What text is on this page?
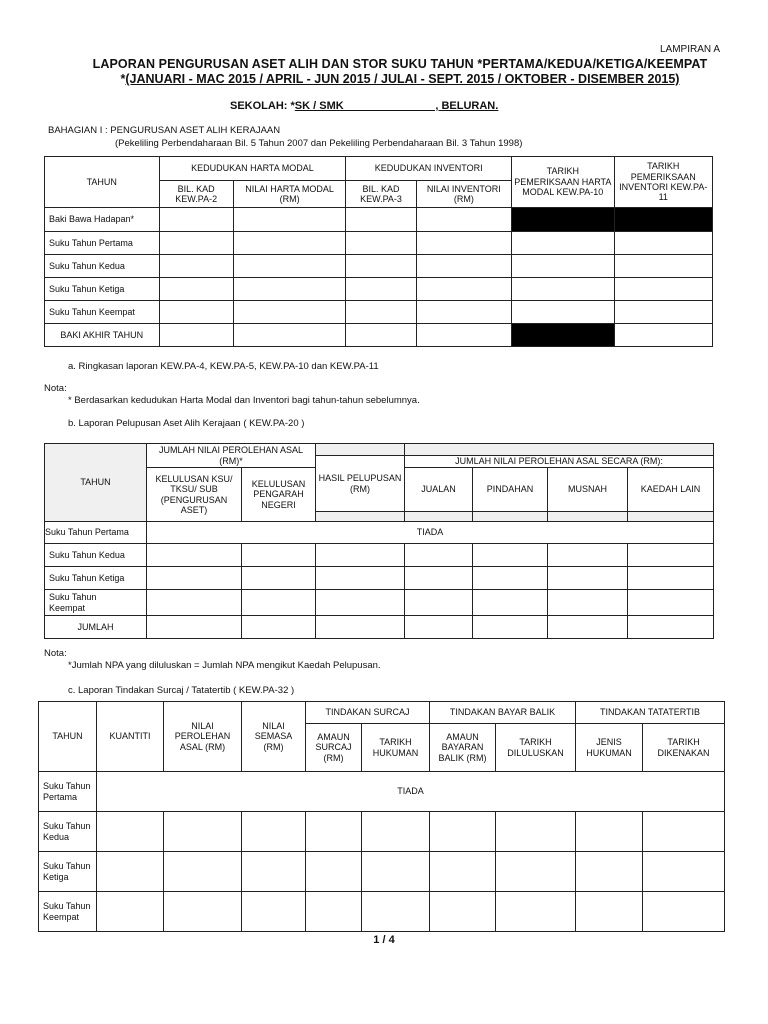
LAMPIRAN A
LAPORAN PENGURUSAN ASET ALIH DAN STOR SUKU TAHUN *PERTAMA/KEDUA/KETIGA/KEEMPAT
*(JANUARI - MAC 2015 / APRIL - JUN 2015 / JULAI - SEPT. 2015 / OKTOBER - DISEMBER 2015)
SEKOLAH: *SK / SMK                              , BELURAN.
BAHAGIAN I : PENGURUSAN ASET ALIH KERAJAAN
(Pekeliling Perbendaharaan Bil. 5 Tahun 2007 dan Pekeliling Perbendaharaan Bil. 3 Tahun 1998)
TAHUN	KEDUDUKAN HARTA MODAL		KEDUDUKAN INVENTORI		TARIKH PEMERIKSAAN HARTA MODAL KEW.PA-10	TARIKH PEMERIKSAAN INVENTORI KEW.PA-11
	BIL. KAD KEW.PA-2	NILAI HARTA MODAL (RM)	BIL. KAD KEW.PA-3	NILAI INVENTORI (RM)		
Baki Bawa Hadapan*						
Suku Tahun Pertama						
Suku Tahun Kedua						
Suku Tahun Ketiga						
Suku Tahun Keempat						
BAKI AKHIR TAHUN						
a. Ringkasan laporan KEW.PA-4, KEW.PA-5, KEW.PA-10 dan KEW.PA-11
Nota:
* Berdasarkan kedudukan Harta Modal dan Inventori bagi tahun-tahun sebelumnya.
b. Laporan Pelupusan Aset Alih Kerajaan ( KEW.PA-20 )
TAHUN	JUMLAH NILAI PEROLEHAN ASAL (RM)*						
			HASIL PELUPUSAN (RM)	JUMLAH NILAI PEROLEHAN ASAL SECARA (RM):			
	KELULUSAN KSU/ TKSU/ SUB (PENGURUSAN ASET)	KELULUSAN PENGARAH NEGERI		JUALAN	PINDAHAN	MUSNAH	KAEDAH LAIN

Suku Tahun Pertama	TIADA						
Suku Tahun Kedua							
Suku Tahun Ketiga							

Suku Tahun Keempat							

JUMLAH							
Nota:
*Jumlah NPA yang diluluskan = Jumlah NPA mengikut Kaedah Pelupusan.
c. Laporan Tindakan Surcaj / Tatatertib ( KEW.PA-32 )
TAHUN	KUANTITI	NILAI PEROLEHAN ASAL (RM)	NILAI SEMASA (RM)	TINDAKAN SURCAJ		TINDAKAN BAYAR BALIK		TINDAKAN TATATERTIB	
				AMAUN SURCAJ (RM)	TARIKH HUKUMAN	AMAUN BAYARAN BALIK (RM)	TARIKH DILULUSKAN	JENIS HUKUMAN	TARIKH DIKENAKAN
Suku Tahun Pertama	TIADA								
Suku Tahun Kedua									
Suku Tahun Ketiga									
Suku Tahun Keempat									
1 / 4
